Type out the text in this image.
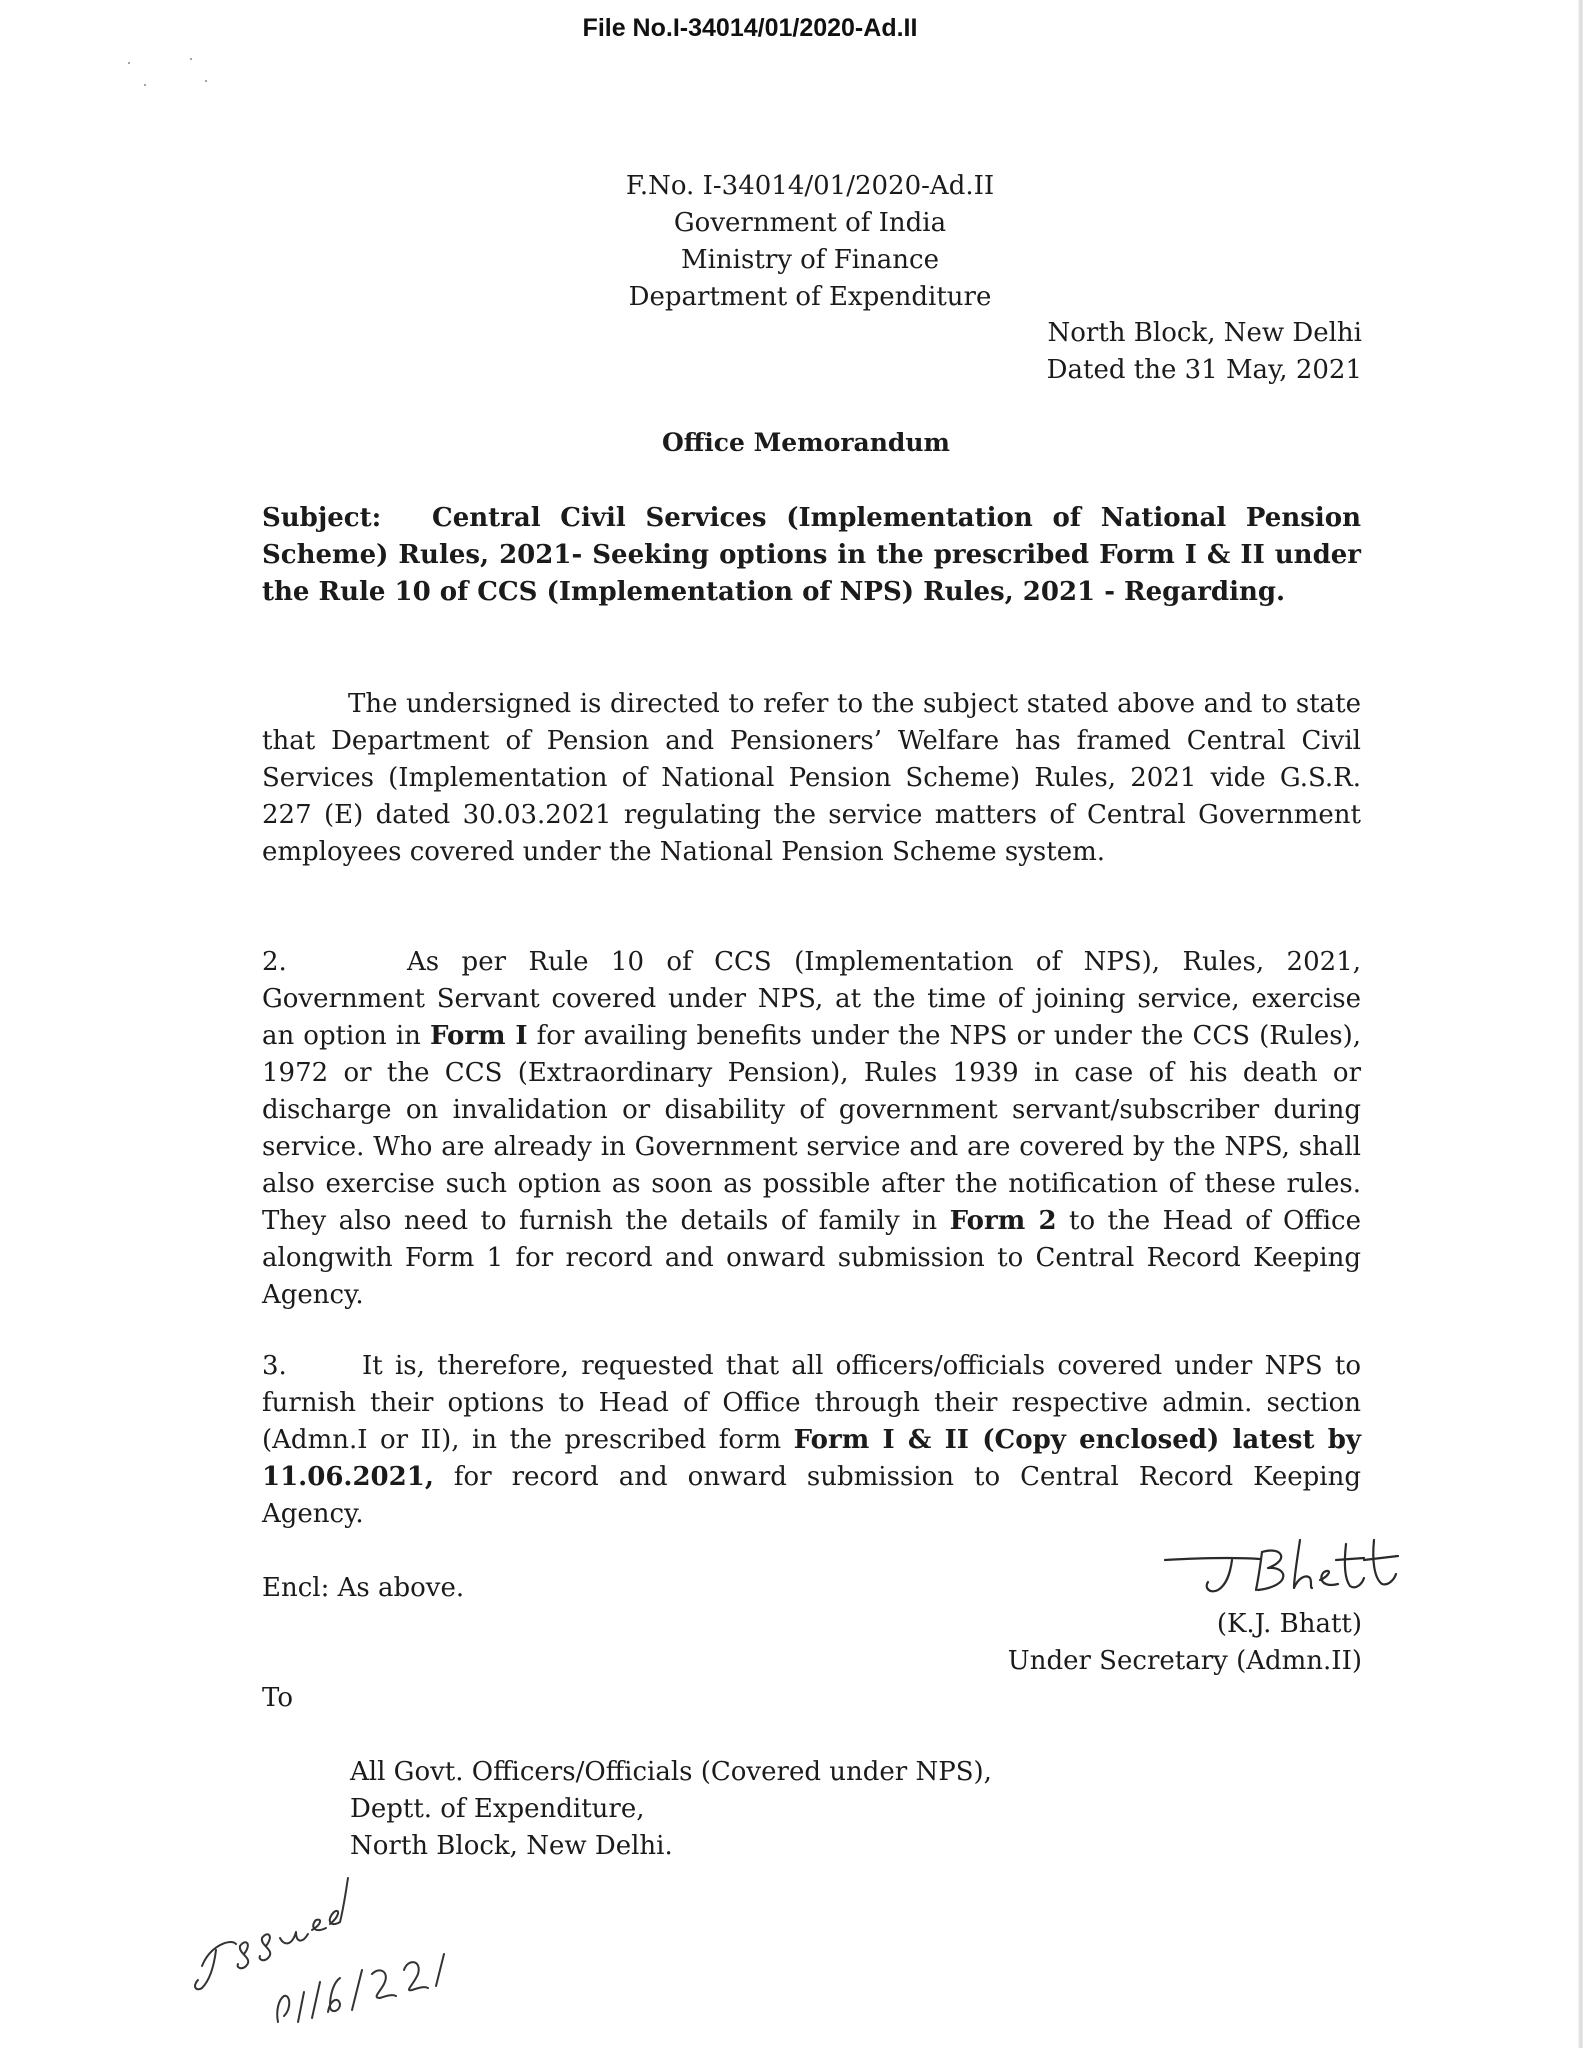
File No.I-34014/01/2020-Ad.II
F.No. I-34014/01/2020-Ad.II
Government of India
Ministry of Finance
Department of Expenditure
North Block, New Delhi
Dated the 31 May, 2021
Office Memorandum
Subject: Central Civil Services (Implementation of National Pension Scheme) Rules, 2021- Seeking options in the prescribed Form I & II under the Rule 10 of CCS (Implementation of NPS) Rules, 2021 - Regarding.
The undersigned is directed to refer to the subject stated above and to state that Department of Pension and Pensioners’ Welfare has framed Central Civil Services (Implementation of National Pension Scheme) Rules, 2021 vide G.S.R. 227 (E) dated 30.03.2021 regulating the service matters of Central Government employees covered under the National Pension Scheme system.
2.	As per Rule 10 of CCS (Implementation of NPS), Rules, 2021, Government Servant covered under NPS, at the time of joining service, exercise an option in Form I for availing benefits under the NPS or under the CCS (Rules), 1972 or the CCS (Extraordinary Pension), Rules 1939 in case of his death or discharge on invalidation or disability of government servant/subscriber during service. Who are already in Government service and are covered by the NPS, shall also exercise such option as soon as possible after the notification of these rules. They also need to furnish the details of family in Form 2 to the Head of Office alongwith Form 1 for record and onward submission to Central Record Keeping Agency.
3.	It is, therefore, requested that all officers/officials covered under NPS to furnish their options to Head of Office through their respective admin. section (Admn.I or II), in the prescribed form Form I & II (Copy enclosed) latest by 11.06.2021, for record and onward submission to Central Record Keeping Agency.
Encl: As above.
(K.J. Bhatt)
Under Secretary (Admn.II)
To
All Govt. Officers/Officials (Covered under NPS),
Deptt. of Expenditure,
North Block, New Delhi.
